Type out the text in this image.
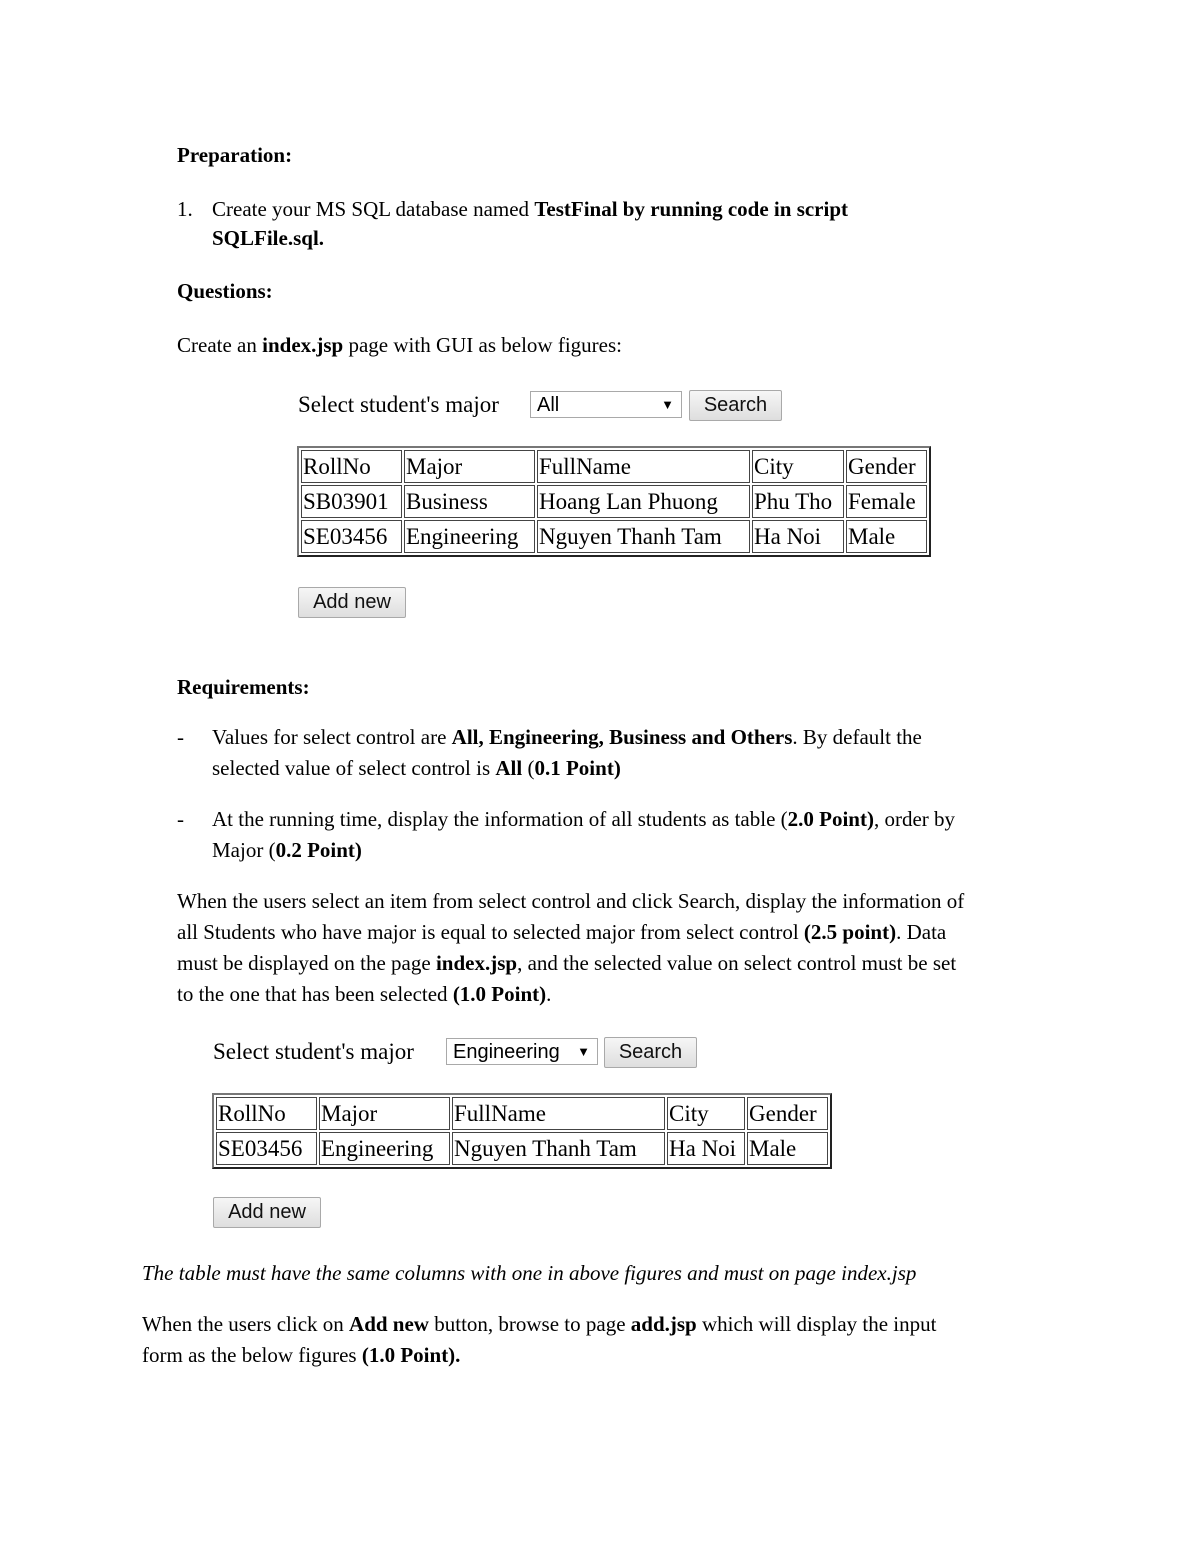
Preparation:
1. Create your MS SQL database named TestFinal by running code in script
SQLFile.sql.
Questions:
Create an index.jsp page with GUI as below figures:
Select student's major	All	▼	Search
RollNo	Major	FullName	City	Gender
SB03901	Business	Hoang Lan Phuong	Phu Tho	Female
SE03456	Engineering	Nguyen Thanh Tam	Ha Noi	Male
Add new
Requirements:
- Values for select control are All, Engineering, Business and Others. By default the
selected value of select control is All (0.1 Point)
- At the running time, display the information of all students as table (2.0 Point), order by
Major (0.2 Point)
When the users select an item from select control and click Search, display the information of
all Students who have major is equal to selected major from select control (2.5 point). Data
must be displayed on the page index.jsp, and the selected value on select control must be set
to the one that has been selected (1.0 Point).
Select student's major	Engineering ▼	Search
RollNo	Major	FullName	City	Gender
SE03456	Engineering	Nguyen Thanh Tam	Ha Noi	Male
Add new
The table must have the same columns with one in above figures and must on page index.jsp
When the users click on Add new button, browse to page add.jsp which will display the input
form as the below figures (1.0 Point).
